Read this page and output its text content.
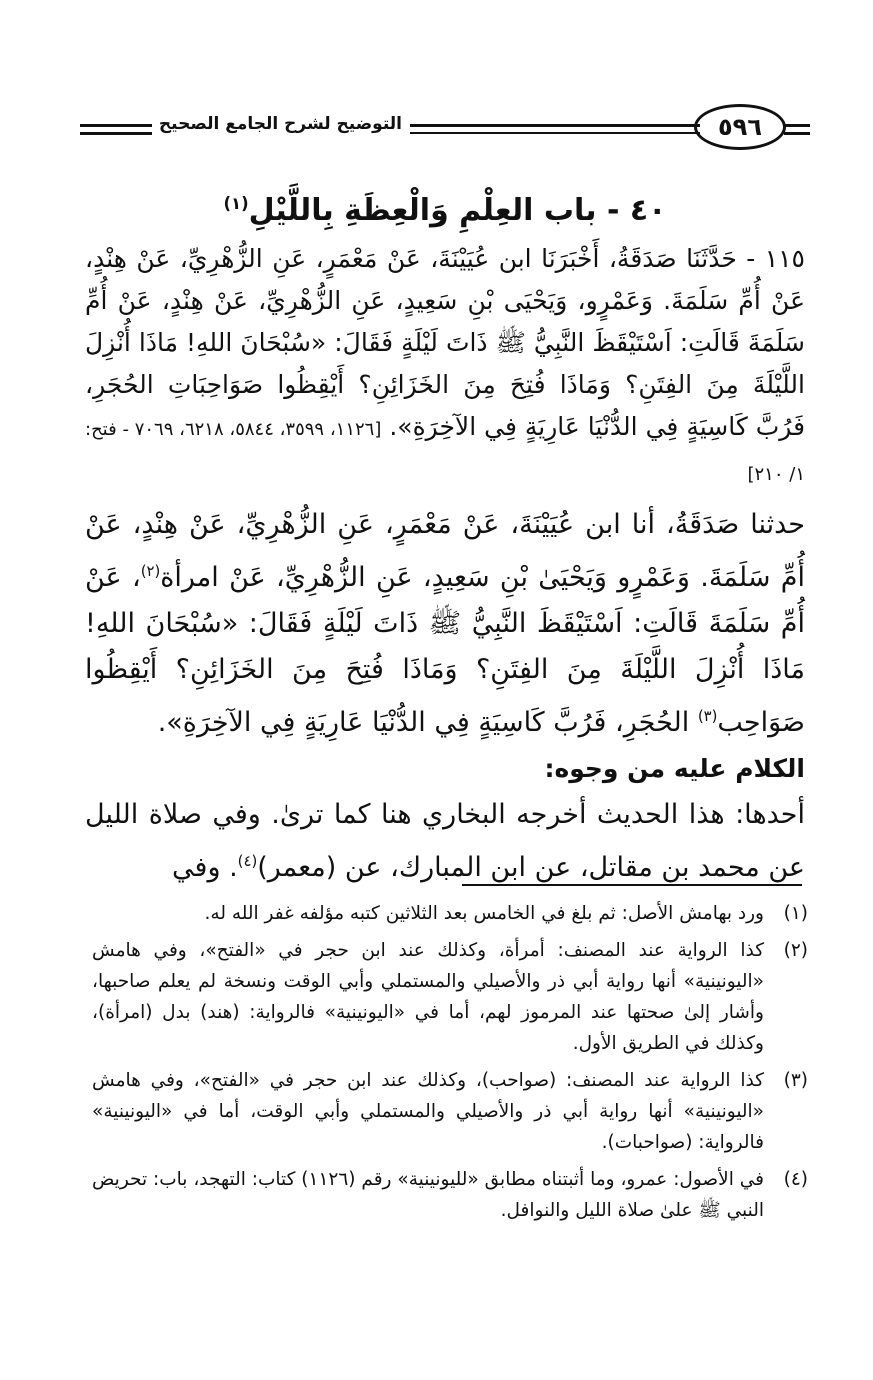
التوضيح لشرح الجامع الصحيح	٥٩٦
٤٠ - باب العِلْمِ وَالْعِظَةِ بِاللَّيْلِ$^{(١)}$

١١٥ - حَدَّثَنَا صَدَقَةُ، أَخْبَرَنَا ابن عُيَيْنَةَ، عَنْ مَعْمَرٍ، عَنِ الزُّهْرِيِّ، عَنْ هِنْدٍ، عَنْ أُمِّ سَلَمَةَ. وَعَمْرٍو، وَيَحْيَى بْنِ سَعِيدٍ، عَنِ الزُّهْرِيِّ، عَنْ هِنْدٍ، عَنْ أُمِّ سَلَمَةَ قَالَتِ: اَسْتَيْقَظَ النَّبِيُّ ﷺ ذَاتَ لَيْلَةٍ فَقَالَ: «سُبْحَانَ اللهِ! مَاذَا أُنْزِلَ اللَّيْلَةَ مِنَ الفِتَنِ؟ وَمَاذَا فُتِحَ مِنَ الخَزَائِنِ؟ أَيْقِظُوا صَوَاحِبَاتِ الحُجَرِ، فَرُبَّ كَاسِيَةٍ فِي الدُّنْيَا عَارِيَةٍ فِي الآخِرَةِ». [١١٢٦، ٣٥٩٩، ٥٨٤٤، ٦٢١٨، ٧٠٦٩ - فتح: ١/ ٢١٠]

حدثنا صَدَقَةُ، أنا ابن عُيَيْنَةَ، عَنْ مَعْمَرٍ، عَنِ الزُّهْرِيِّ، عَنْ هِنْدٍ، عَنْ أُمِّ سَلَمَةَ. وَعَمْرٍو وَيَحْيَىٰ بْنِ سَعِيدٍ، عَنِ الزُّهْرِيِّ، عَنْ امرأة$^{(٢)}$، عَنْ أُمِّ سَلَمَةَ قَالَتِ: اَسْتَيْقَظَ النَّبِيُّ ﷺ ذَاتَ لَيْلَةٍ فَقَالَ: «سُبْحَانَ اللهِ! مَاذَا أُنْزِلَ اللَّيْلَةَ مِنَ الفِتَنِ؟ وَمَاذَا فُتِحَ مِنَ الخَزَائِنِ؟ أَيْقِظُوا صَوَاحِب$^{(٣)}$ الحُجَرِ، فَرُبَّ كَاسِيَةٍ فِي الدُّنْيَا عَارِيَةٍ فِي الآخِرَةِ».

الكلام عليه من وجوه:

أحدها: هذا الحديث أخرجه البخاري هنا كما ترىٰ. وفي صلاة الليل عن محمد بن مقاتل، عن ابن المبارك، عن (معمر)$^{(٤)}$. وفي

(١)
ورد بهامش الأصل: ثم بلغ في الخامس بعد الثلاثين كتبه مؤلفه غفر الله له.

(٢)
كذا الرواية عند المصنف: أمرأة، وكذلك عند ابن حجر في «الفتح»، وفي هامش «اليونينية» أنها رواية أبي ذر والأصيلي والمستملي وأبي الوقت ونسخة لم يعلم صاحبها، وأشار إلىٰ صحتها عند المرموز لهم، أما في «اليونينية» فالرواية: (هند) بدل (امرأة)، وكذلك في الطريق الأول.

(٣)
كذا الرواية عند المصنف: (صواحب)، وكذلك عند ابن حجر في «الفتح»، وفي هامش «اليونينية» أنها رواية أبي ذر والأصيلي والمستملي وأبي الوقت، أما في «اليونينية» فالرواية: (صواحبات).

(٤)
في الأصول: عمرو، وما أثبتناه مطابق «لليونينية» رقم (١١٢٦) كتاب: التهجد، باب: تحريض النبي ﷺ علىٰ صلاة الليل والنوافل.
